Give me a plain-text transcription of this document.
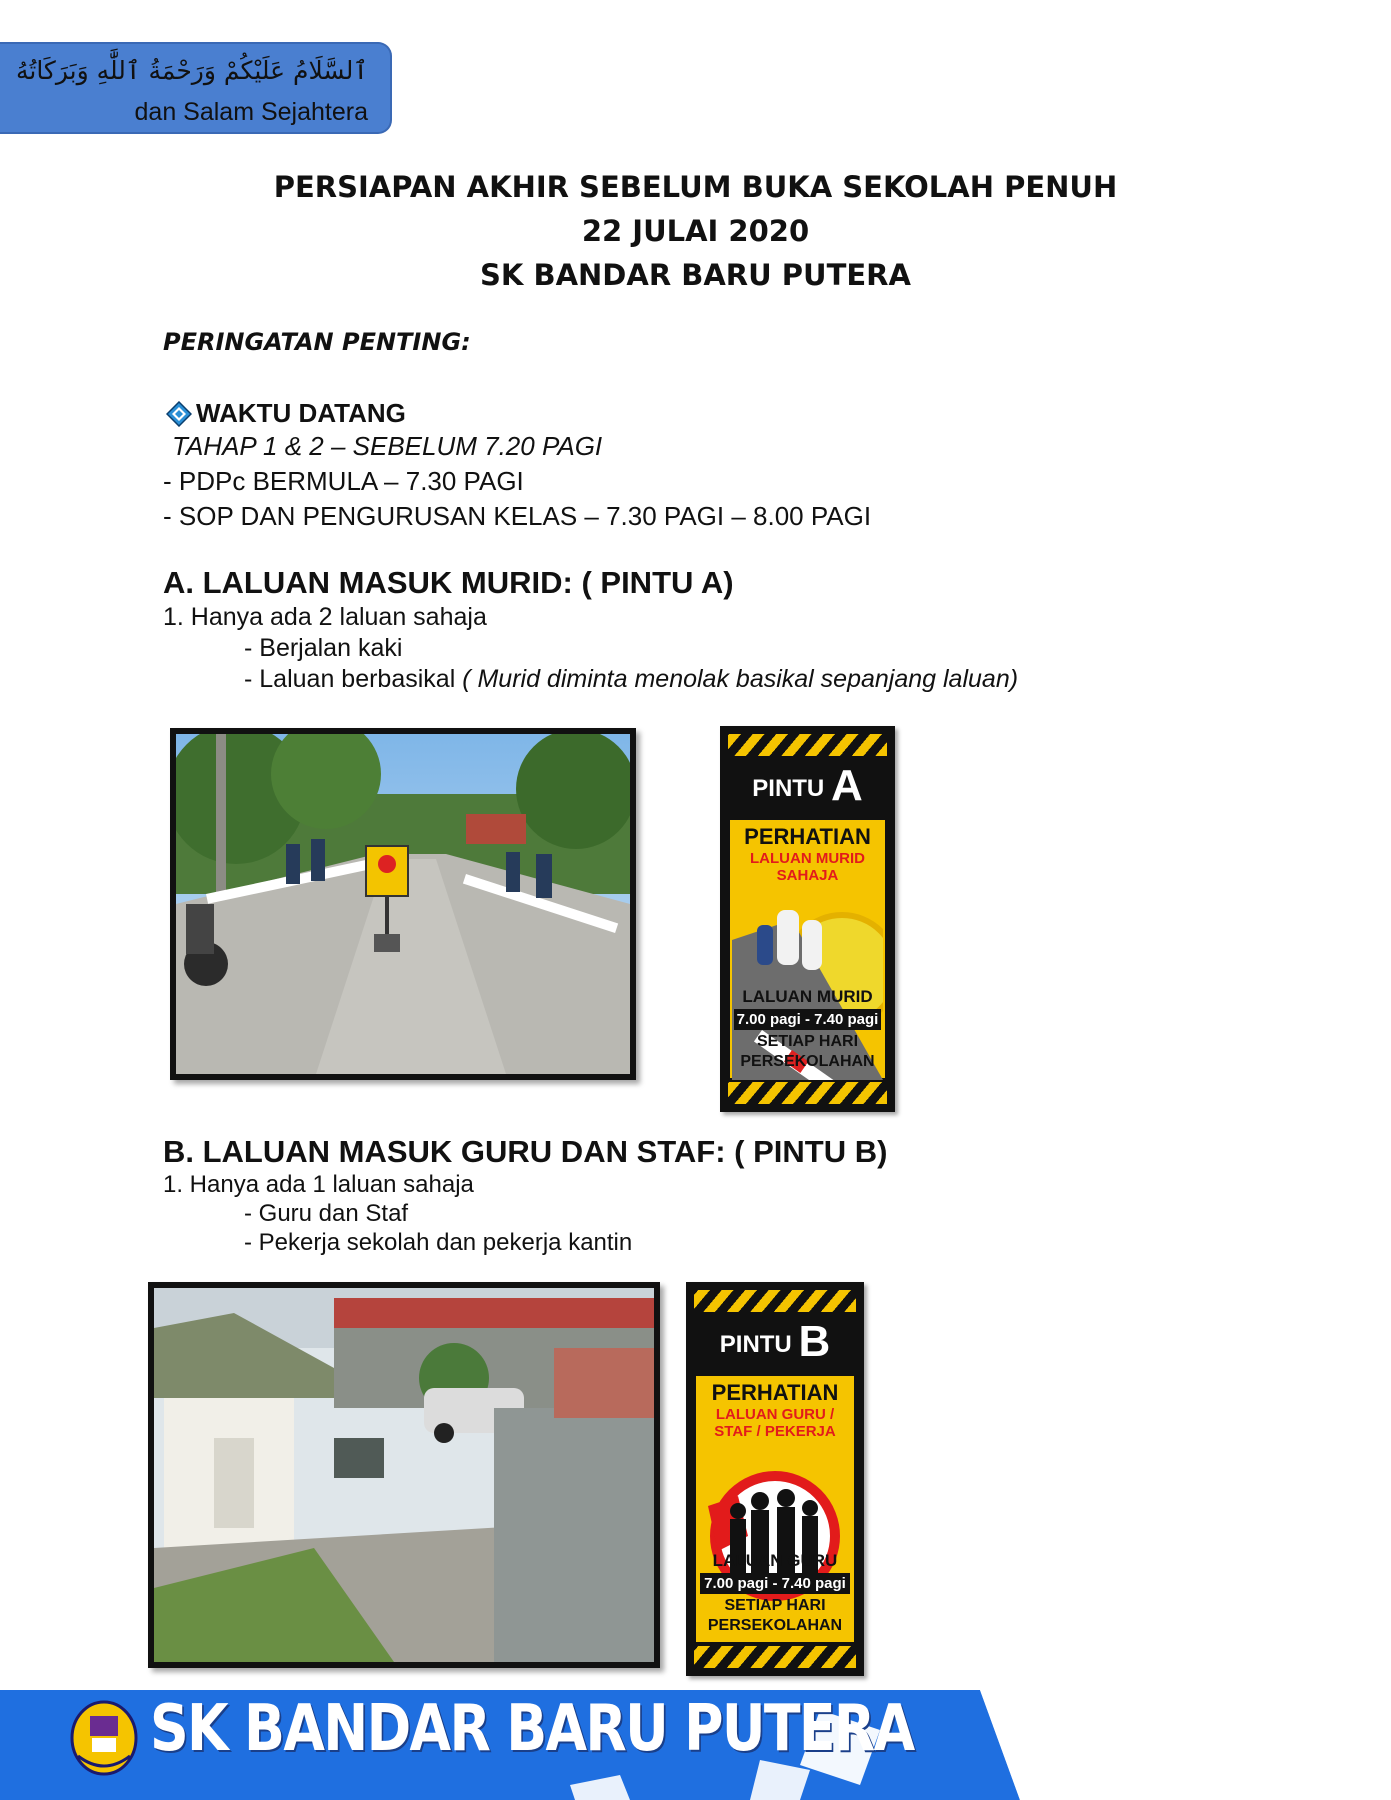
ٱلسَّلَامُ عَلَيْكُمْ وَرَحْمَةُ ٱللَّٰهِ وَبَرَكَاتُهُ
dan Salam Sejahtera
PERSIAPAN AKHIR SEBELUM BUKA SEKOLAH PENUH
22 JULAI 2020
SK BANDAR BARU PUTERA
PERINGATAN PENTING:
WAKTU DATANG
TAHAP 1 & 2 – SEBELUM 7.20 PAGI
- PDPc BERMULA – 7.30 PAGI
- SOP DAN PENGURUSAN KELAS – 7.30 PAGI – 8.00 PAGI
A. LALUAN MASUK MURID: ( PINTU A)
1. Hanya ada 2 laluan sahaja
- Berjalan kaki
- Laluan berbasikal ( Murid diminta menolak basikal sepanjang laluan)
PINTU A
PERHATIAN
LALUAN MURID
SAHAJA
LALUAN MURID
7.00 pagi - 7.40 pagi
SETIAP HARI
PERSEKOLAHAN
B. LALUAN MASUK GURU DAN STAF: ( PINTU B)
1. Hanya ada 1 laluan sahaja
- Guru dan Staf
- Pekerja sekolah dan pekerja kantin
PINTU B
PERHATIAN
LALUAN GURU /
STAF / PEKERJA
LALUAN GURU
7.00 pagi - 7.40 pagi
SETIAP HARI
PERSEKOLAHAN
SK BANDAR BARU PUTERA
